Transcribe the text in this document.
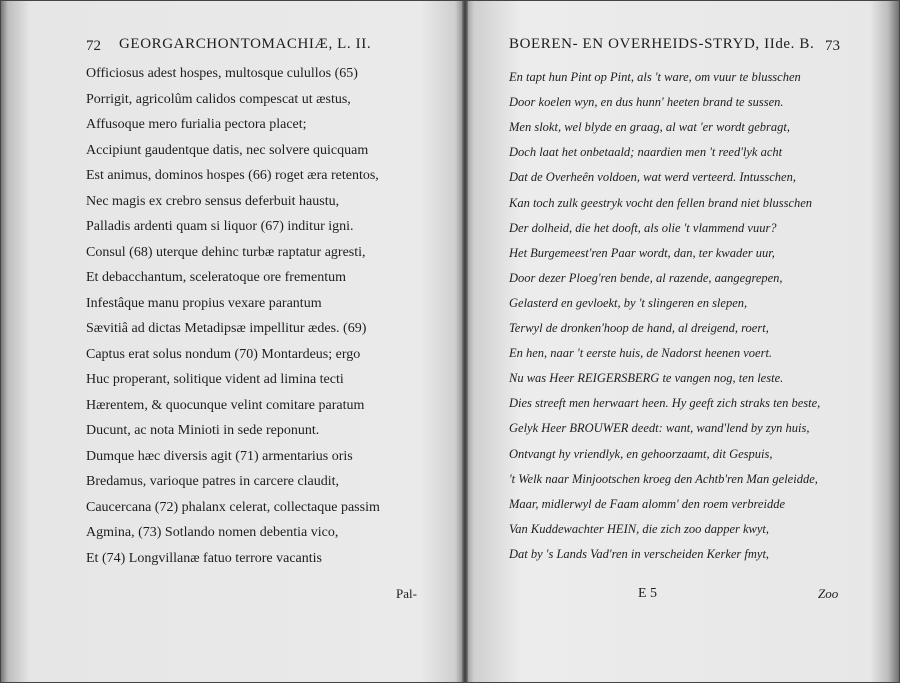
72 GEORGARCHONTOMACHIÆ, L. II.
Officiosus adest hospes, multosque culullos (65)
Porrigit, agricolûm calidos compescat ut æstus,
Affusoque mero furialia pectora placet;
Accipiunt gaudentque datis, nec solvere quicquam
Est animus, dominos hospes (66) roget æra retentos,
Nec magis ex crebro sensus deferbuit haustu,
Palladis ardenti quam si liquor (67) inditur igni.
Consul (68) uterque dehinc turbæ raptatur agresti,
Et debacchantum, sceleratoque ore frementum
Infestâque manu propius vexare parantum
Sævitiâ ad dictas Metadipsæ impellitur ædes. (69)
Captus erat solus nondum (70) Montardeus; ergo
Huc properant, solitique vident ad limina tecti
Hærentem, & quocunque velint comitare paratum
Ducunt, ac nota Minioti in sede reponunt.
Dumque hæc diversis agit (71) armentarius oris
Bredamus, varioque patres in carcere claudit,
Caucercana (72) phalanx celerat, collectaque passim
Agmina, (73) Sotlando nomen debentia vico,
Et (74) Longvillanæ fatuo terrore vacantis
Pal-
BOEREN- EN OVERHEIDS-STRYD, IIde. B. 73
En tapt hun Pint op Pint, als 't ware, om vuur te blusschen
Door koelen wyn, en dus hunn' heeten brand te sussen.
Men slokt, wel blyde en graag, al wat 'er wordt gebragt,
Doch laat het onbetaald; naardien men 't reed'lyk acht
Dat de Overheên voldoen, wat werd verteerd. Intusschen,
Kan toch zulk geestryk vocht den fellen brand niet blusschen
Der dolheid, die het dooft, als olie 't vlammend vuur?
Het Burgemeest'ren Paar wordt, dan, ter kwader uur,
Door dezer Ploeg'ren bende, al razende, aangegrepen,
Gelasterd en gevloekt, by 't slingeren en slepen,
Terwyl de dronken'hoop de hand, al dreigend, roert,
En hen, naar 't eerste huis, de Nadorst heenen voert.
Nu was Heer REIGERSBERG te vangen nog, ten leste.
Dies streeft men herwaart heen. Hy geeft zich straks ten beste,
Gelyk Heer BROUWER deedt: want, wand'lend by zyn huis,
Ontvangt hy vriendlyk, en gehoorzaamt, dit Gespuis,
't Welk naar Minjootschen kroeg den Achtb'ren Man geleidde,
Maar, midlerwyl de Faam alomm' den roem verbreidde
Van Kuddewachter HEIN, die zich zoo dapper kwyt,
Dat by 's Lands Vad'ren in verscheiden Kerker fmyt,
E 5	Zoo
